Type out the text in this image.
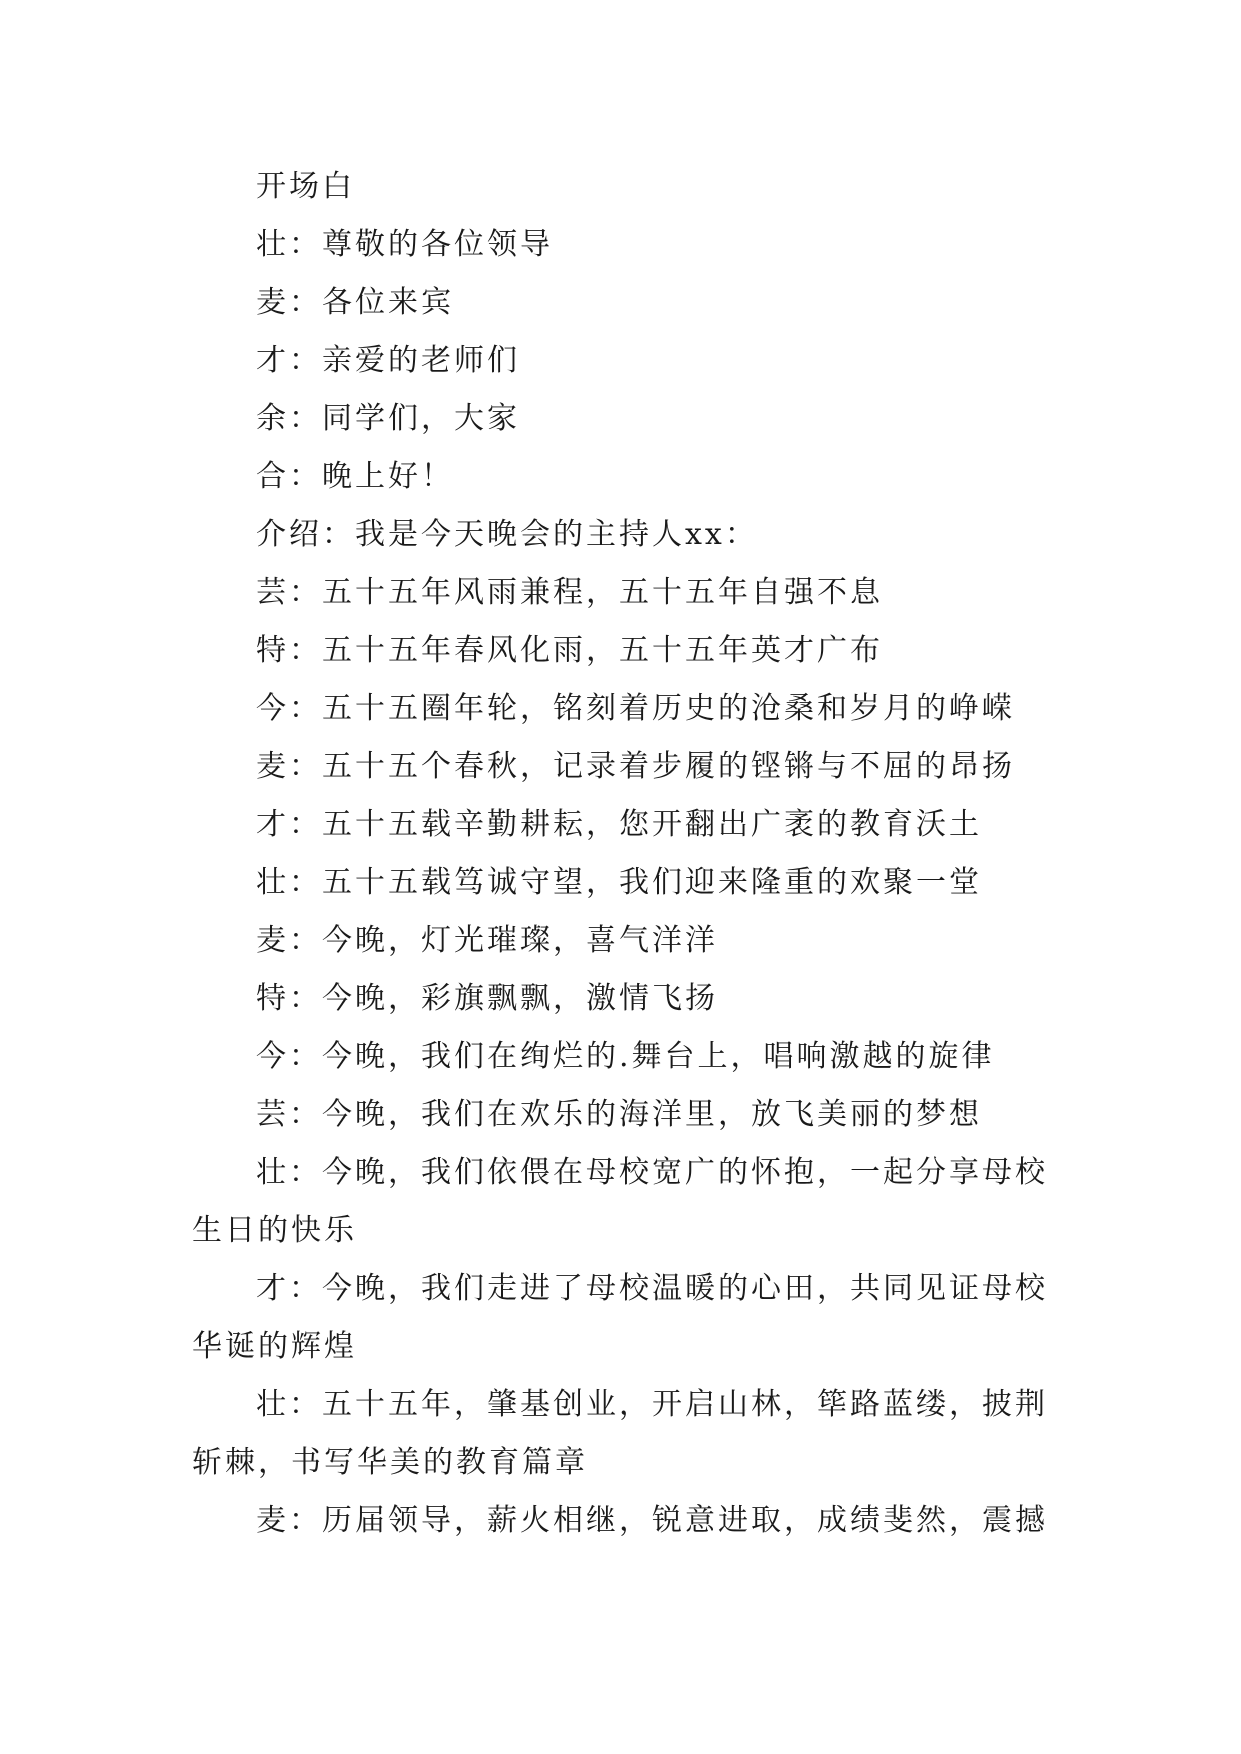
开场白

壮：尊敬的各位领导

麦：各位来宾

才：亲爱的老师们

余：同学们，大家

合：晚上好！

介绍：我是今天晚会的主持人xx：

芸：五十五年风雨兼程，五十五年自强不息

特：五十五年春风化雨，五十五年英才广布

今：五十五圈年轮，铭刻着历史的沧桑和岁月的峥嵘

麦：五十五个春秋，记录着步履的铿锵与不屈的昂扬

才：五十五载辛勤耕耘，您开翻出广袤的教育沃土

壮：五十五载笃诚守望，我们迎来隆重的欢聚一堂

麦：今晚，灯光璀璨，喜气洋洋

特：今晚，彩旗飘飘，激情飞扬

今：今晚，我们在绚烂的.舞台上，唱响激越的旋律

芸：今晚，我们在欢乐的海洋里，放飞美丽的梦想

壮：今晚，我们依偎在母校宽广的怀抱，一起分享母校生日的快乐

才：今晚，我们走进了母校温暖的心田，共同见证母校华诞的辉煌

壮：五十五年，肇基创业，开启山林，筚路蓝缕，披荆斩棘，书写华美的教育篇章

麦：历届领导，薪火相继，锐意进取，成绩斐然，震撼
